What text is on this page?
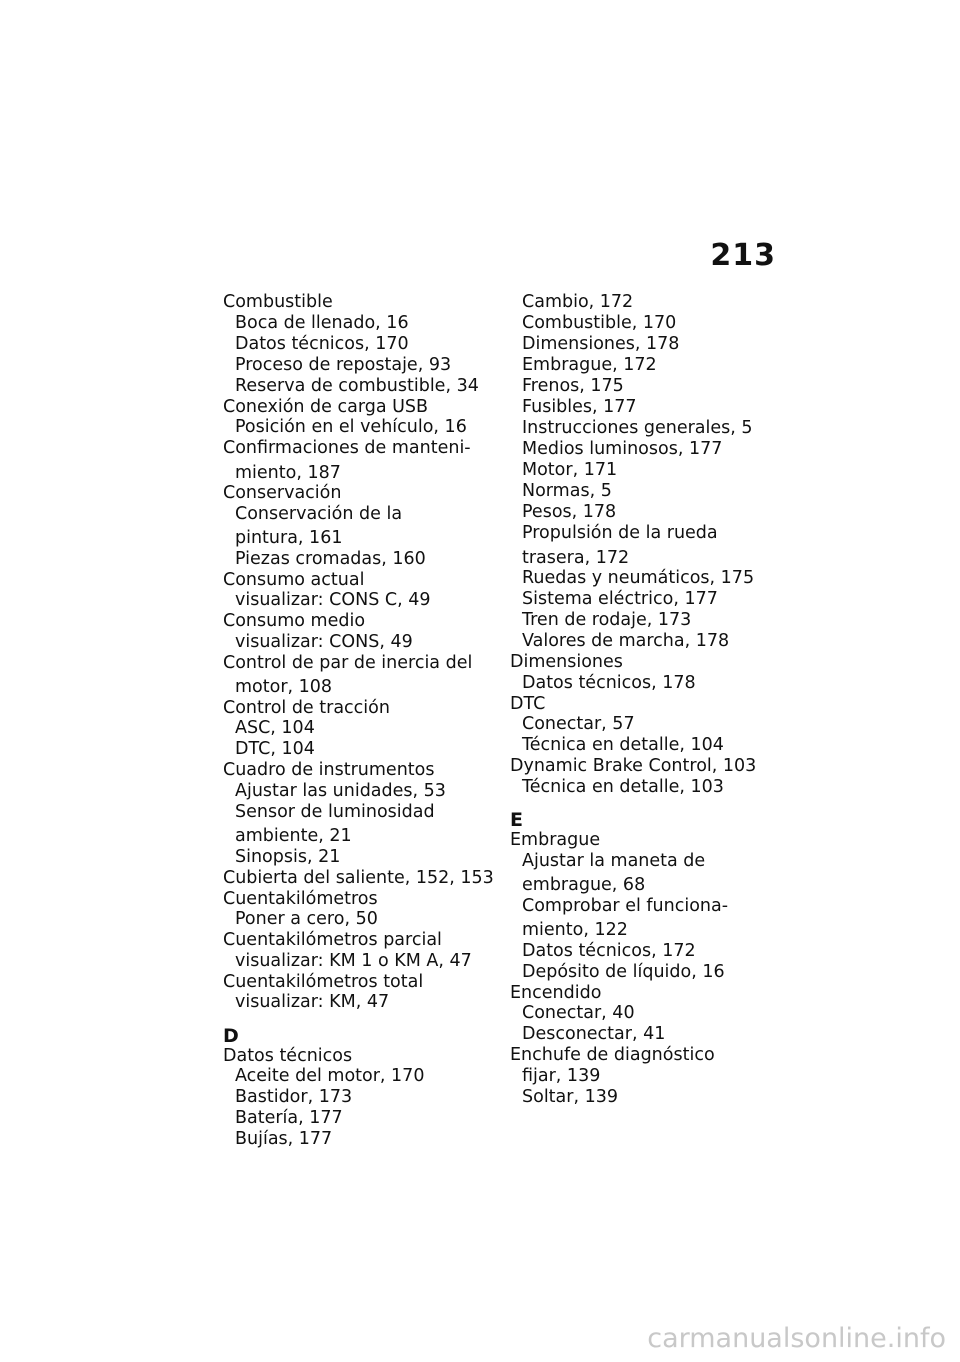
213
Combustible
Boca de llenado, 16
Datos técnicos, 170
Proceso de repostaje, 93
Reserva de combustible, 34
Conexión de carga USB
Posición en el vehículo, 16
Confirmaciones de manteni-
miento, 187
Conservación
Conservación de la
pintura, 161
Piezas cromadas, 160
Consumo actual
visualizar: CONS C, 49
Consumo medio
visualizar: CONS, 49
Control de par de inercia del
motor, 108
Control de tracción
ASC, 104
DTC, 104
Cuadro de instrumentos
Ajustar las unidades, 53
Sensor de luminosidad
ambiente, 21
Sinopsis, 21
Cubierta del saliente, 152, 153
Cuentakilómetros
Poner a cero, 50
Cuentakilómetros parcial
visualizar: KM 1 o KM A, 47
Cuentakilómetros total
visualizar: KM, 47
D
Datos técnicos
Aceite del motor, 170
Bastidor, 173
Batería, 177
Bujías, 177
Cambio, 172
Combustible, 170
Dimensiones, 178
Embrague, 172
Frenos, 175
Fusibles, 177
Instrucciones generales, 5
Medios luminosos, 177
Motor, 171
Normas, 5
Pesos, 178
Propulsión de la rueda
trasera, 172
Ruedas y neumáticos, 175
Sistema eléctrico, 177
Tren de rodaje, 173
Valores de marcha, 178
Dimensiones
Datos técnicos, 178
DTC
Conectar, 57
Técnica en detalle, 104
Dynamic Brake Control, 103
Técnica en detalle, 103
E
Embrague
Ajustar la maneta de
embrague, 68
Comprobar el funciona-
miento, 122
Datos técnicos, 172
Depósito de líquido, 16
Encendido
Conectar, 40
Desconectar, 41
Enchufe de diagnóstico
fijar, 139
Soltar, 139
carmanualsonline.info
